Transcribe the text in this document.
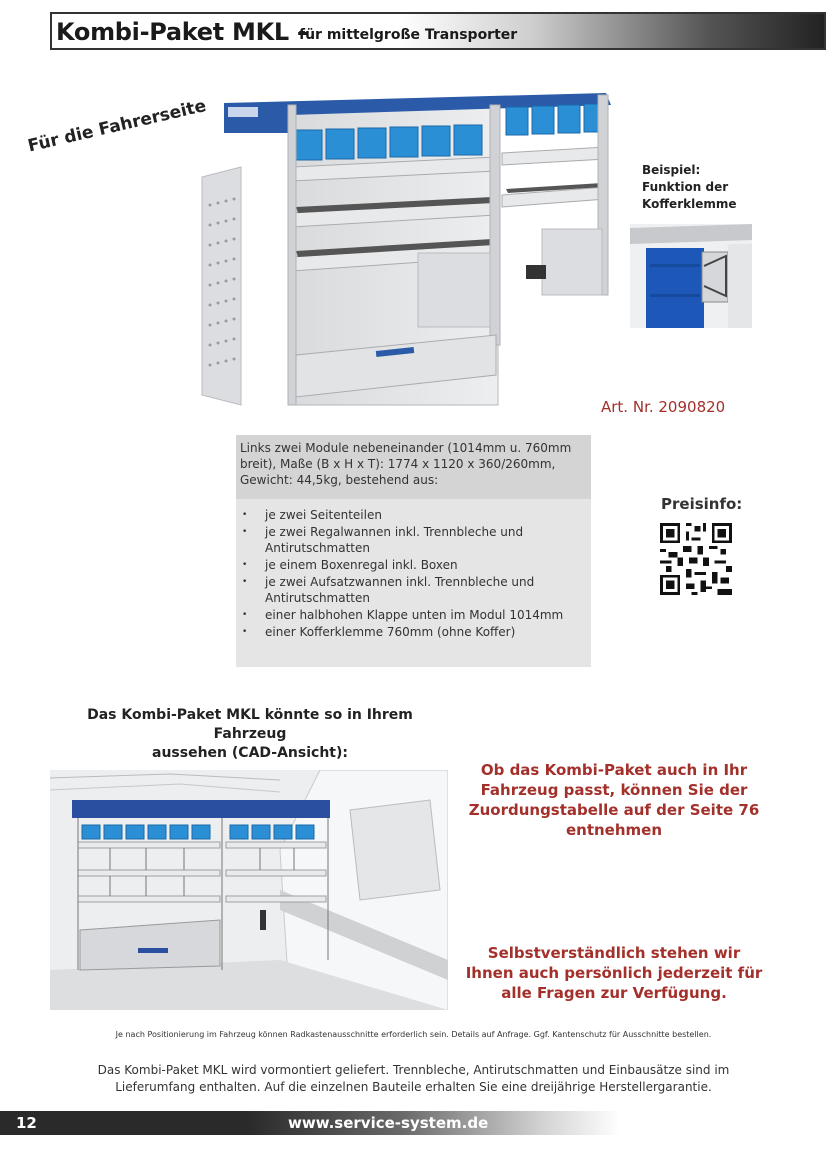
Kombi-Paket MKL –
für mittelgroße Transporter
Für die Fahrerseite
Beispiel:
Funktion der
Kofferklemme
Art. Nr. 2090820
Links zwei Module nebeneinander (1014mm u. 760mm breit), Maße (B x H x T): 1774 x 1120 x 360/260mm, Gewicht: 44,5kg, bestehend aus:
• je zwei Seitenteilen
• je zwei Regalwannen inkl. Trennbleche und Antirutschmatten
• je einem Boxenregal inkl. Boxen
• je zwei Aufsatzwannen inkl. Trennbleche und Antirutschmatten
• einer halbhohen Klappe unten im Modul 1014mm
• einer Kofferklemme 760mm (ohne Koffer)
Preisinfo:
Das Kombi-Paket MKL könnte so in Ihrem Fahrzeug
aussehen (CAD-Ansicht):
Ob das Kombi-Paket auch in Ihr Fahrzeug passt, können Sie der Zuordungstabelle auf der Seite 76 entnehmen
Selbstverständlich stehen wir Ihnen auch persönlich jederzeit für alle Fragen zur Verfügung.
Je nach Positionierung im Fahrzeug können Radkastenausschnitte erforderlich sein. Details auf Anfrage. Ggf. Kantenschutz für Ausschnitte bestellen.
Das Kombi-Paket MKL wird vormontiert geliefert. Trennbleche, Antirutschmatten und Einbausätze sind im Lieferumfang enthalten. Auf die einzelnen Bauteile erhalten Sie eine dreijährige Herstellergarantie.
12	www.service-system.de
